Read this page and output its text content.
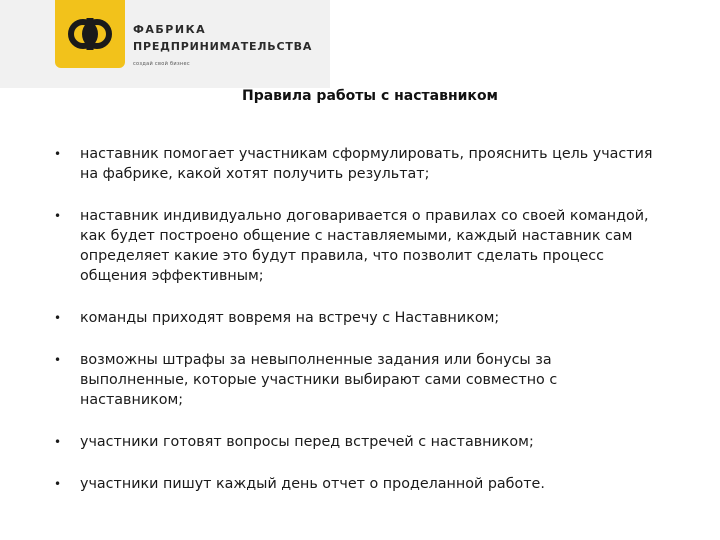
ФАБРИКА
ПРЕДПРИНИМАТЕЛЬСТВА
создай свой бизнес
Правила работы с наставником
• наставник помогает участникам сформулировать, прояснить цель участия на фабрике, какой хотят получить результат;
• наставник индивидуально договаривается о правилах со своей командой, как будет построено общение с наставляемыми, каждый наставник сам определяет какие это будут правила, что позволит сделать процесс общения эффективным;
• команды приходят вовремя на встречу с Наставником;
• возможны штрафы за невыполненные задания или бонусы за выполненные, которые участники выбирают сами совместно с наставником;
• участники готовят вопросы перед встречей с наставником;
• участники пишут каждый день отчет о проделанной работе.
